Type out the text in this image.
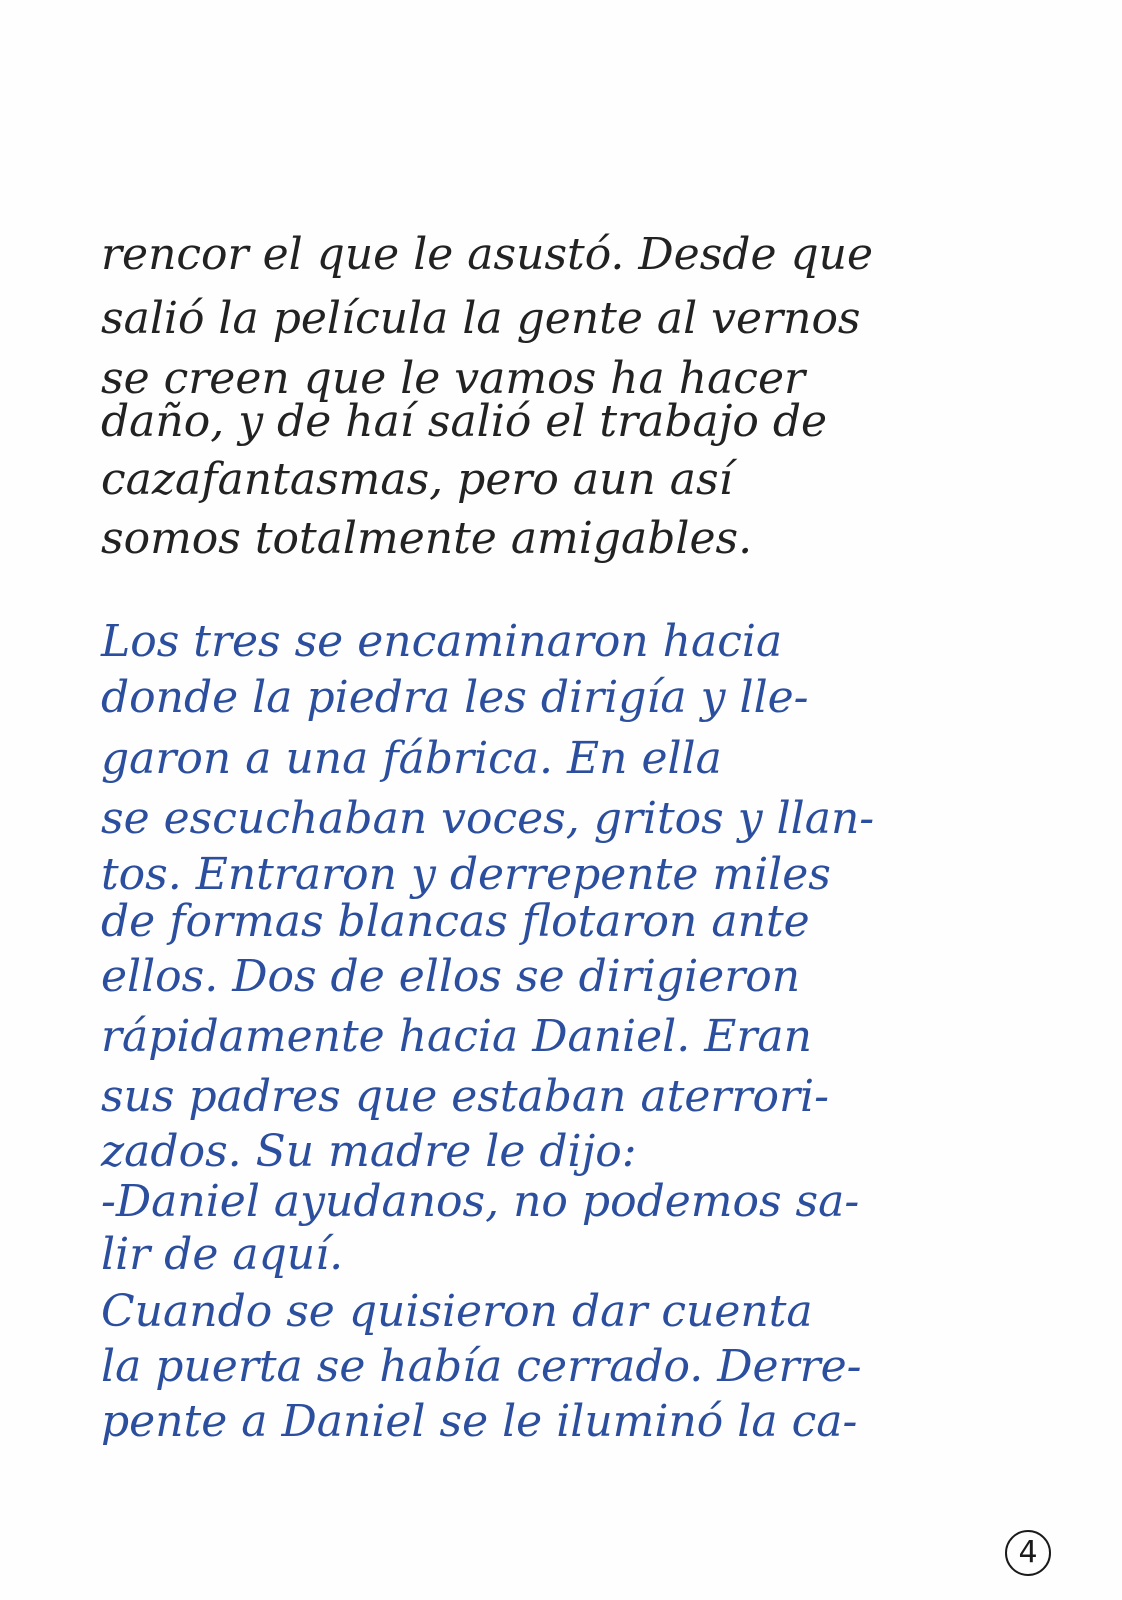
rencor el que le asustó. Desde que
salió la película la gente al vernos
se creen que le vamos ha hacer
daño, y de haí salió el trabajo de
cazafantasmas, pero aun así
somos totalmente amigables.
Los tres se encaminaron hacia
donde la piedra les dirigía y lle-
garon a una fábrica. En ella
se escuchaban voces, gritos y llan-
tos. Entraron y derrepente miles
de formas blancas flotaron ante
ellos. Dos de ellos se dirigieron
rápidamente hacia Daniel. Eran
sus padres que estaban aterrori-
zados. Su madre le dijo:
-Daniel ayudanos, no podemos sa-
lir de aquí.
Cuando se quisieron dar cuenta
la puerta se había cerrado. Derre-
pente a Daniel se le iluminó la ca-
4
